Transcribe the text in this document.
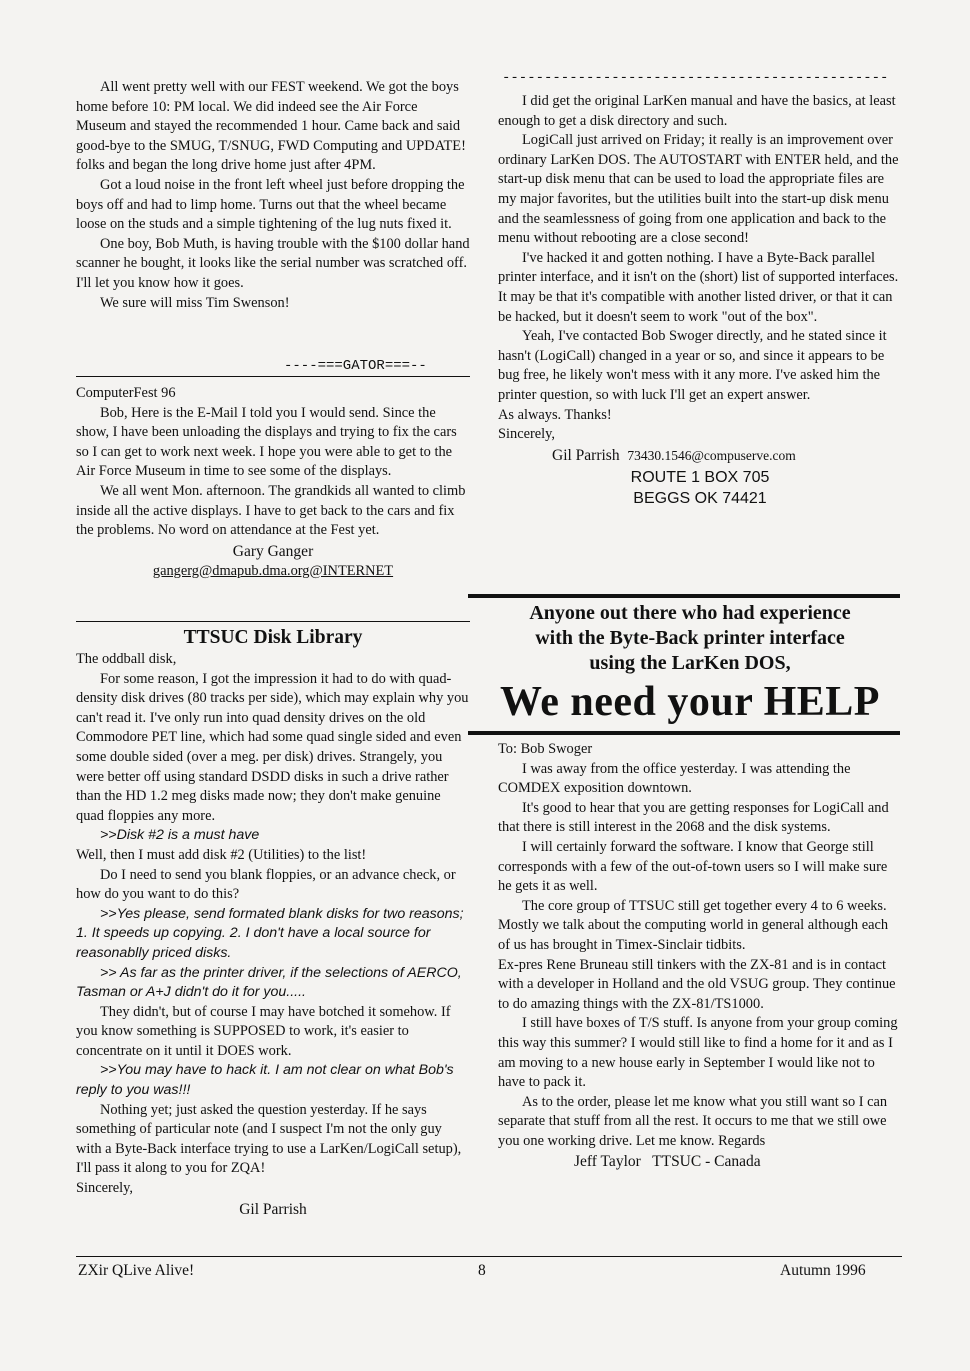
All went pretty well with our FEST weekend. We got the boys home before 10: PM local. We did indeed see the Air Force Museum and stayed the recommended 1 hour. Came back and said good-bye to the SMUG, T/SNUG, FWD Computing and UPDATE! folks and began the long drive home just after 4PM.

Got a loud noise in the front left wheel just before dropping the boys off and had to limp home. Turns out that the wheel became loose on the studs and a simple tightening of the lug nuts fixed it.

One boy, Bob Muth, is having trouble with the $100 dollar hand scanner he bought, it looks like the serial number was scratched off. I'll let you know how it goes.

We sure will miss Tim Swenson!

----===GATOR===--

ComputerFest 96

Bob, Here is the E-Mail I told you I would send. Since the show, I have been unloading the displays and trying to fix the cars so I can get to work next week. I hope you were able to get to the Air Force Museum in time to see some of the displays.

We all went Mon. afternoon. The grandkids all wanted to climb inside all the active displays. I have to get back to the cars and fix the problems. No word on attendance at the Fest yet.

Gary Ganger

gangerg@dmapub.dma.org@INTERNET

TTSUC Disk Library

The oddball disk,

For some reason, I got the impression it had to do with quad-density disk drives (80 tracks per side), which may explain why you can't read it. I've only run into quad density drives on the old Commodore PET line, which had some quad single sided and even some double sided (over a meg. per disk) drives. Strangely, you were better off using standard DSDD disks in such a drive rather than the HD 1.2 meg disks made now; they don't make genuine quad floppies any more.

>>Disk #2 is a must have

Well, then I must add disk #2 (Utilities) to the list!

Do I need to send you blank floppies, or an advance check, or how do you want to do this?

>>Yes please, send formated blank disks for two reasons; 1. It speeds up copying. 2. I don't have a local source for reasonablly priced disks.

>> As far as the printer driver, if the selections of AERCO, Tasman or A+J didn't do it for you.....

They didn't, but of course I may have botched it somehow. If you know something is SUPPOSED to work, it's easier to concentrate on it until it DOES work.

>>You may have to hack it. I am not clear on what Bob's reply to you was!!!

Nothing yet; just asked the question yesterday. If he says something of particular note (and I suspect I'm not the only guy with a Byte-Back interface trying to use a LarKen/LogiCall setup), I'll pass it along to you for ZQA!

Sincerely,

Gil Parrish

----------------------------------------------

I did get the original LarKen manual and have the basics, at least enough to get a disk directory and such.

LogiCall just arrived on Friday; it really is an improvement over ordinary LarKen DOS. The AUTOSTART with ENTER held, and the start-up disk menu that can be used to load the appropriate files are my major favorites, but the utilities built into the start-up disk menu and the seamlessness of going from one application and back to the menu without rebooting are a close second!

I've hacked it and gotten nothing. I have a Byte-Back parallel printer interface, and it isn't on the (short) list of supported interfaces. It may be that it's compatible with another listed driver, or that it can be hacked, but it doesn't seem to work "out of the box".

Yeah, I've contacted Bob Swoger directly, and he stated since it hasn't (LogiCall) changed in a year or so, and since it appears to be bug free, he likely won't mess with it any more. I've asked him the printer question, so with luck I'll get an expert answer.

As always. Thanks!

Sincerely,

Gil Parrish 73430.1546@compuserve.com

ROUTE 1 BOX 705

BEGGS OK 74421

Anyone out there who had experience

with the Byte-Back printer interface

using the LarKen DOS,

We need your HELP

To: Bob Swoger

I was away from the office yesterday. I was attending the COMDEX exposition downtown.

It's good to hear that you are getting responses for LogiCall and that there is still interest in the 2068 and the disk systems.

I will certainly forward the software. I know that George still corresponds with a few of the out-of-town users so I will make sure he gets it as well.

The core group of TTSUC still get together every 4 to 6 weeks. Mostly we talk about the computing world in general although each of us has brought in Timex-Sinclair tidbits.

Ex-pres Rene Bruneau still tinkers with the ZX-81 and is in contact with a developer in Holland and the old VSUG group. They continue to do amazing things with the ZX-81/TS1000.

I still have boxes of T/S stuff. Is anyone from your group coming this way this summer? I would still like to find a home for it and as I am moving to a new house early in September I would like not to have to pack it.

As to the order, please let me know what you still want so I can separate that stuff from all the rest. It occurs to me that we still owe you one working drive. Let me know. Regards

Jeff Taylor   TTSUC - Canada

ZXir QLive Alive!	8	Autumn 1996
